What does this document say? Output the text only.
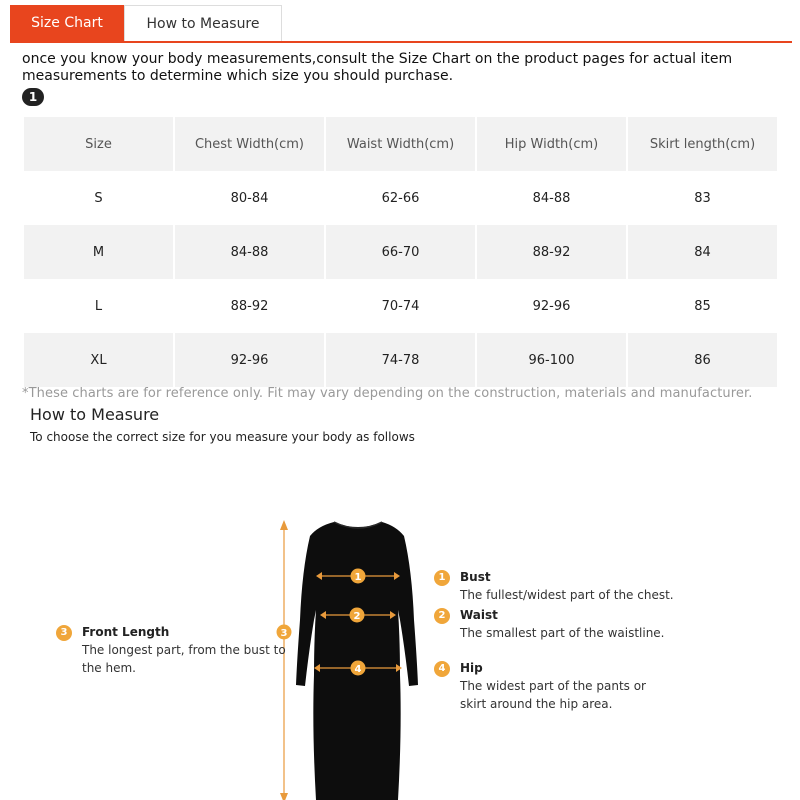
Size Chart	How to Measure

once you know your body measurements,consult the Size Chart on the product pages for actual item measurements to determine which size you should purchase.

1
Size	Chest Width(cm)	Waist Width(cm)	Hip Width(cm)	Skirt length(cm)
S	80-84	62-66	84-88	83
M	84-88	66-70	88-92	84
L	88-92	70-74	92-96	85
XL	92-96	74-78	96-100	86
*These charts are for reference only. Fit may vary depending on the construction, materials and manufacturer.
How to Measure
To choose the correct size for you measure your body as follows
1
2
4
3
3	Front Length
The longest part, from the bust to
the hem.
1	Bust
The fullest/widest part of the chest.
2	Waist
The smallest part of the waistline.
4	Hip
The widest part of the pants or
skirt around the hip area.
